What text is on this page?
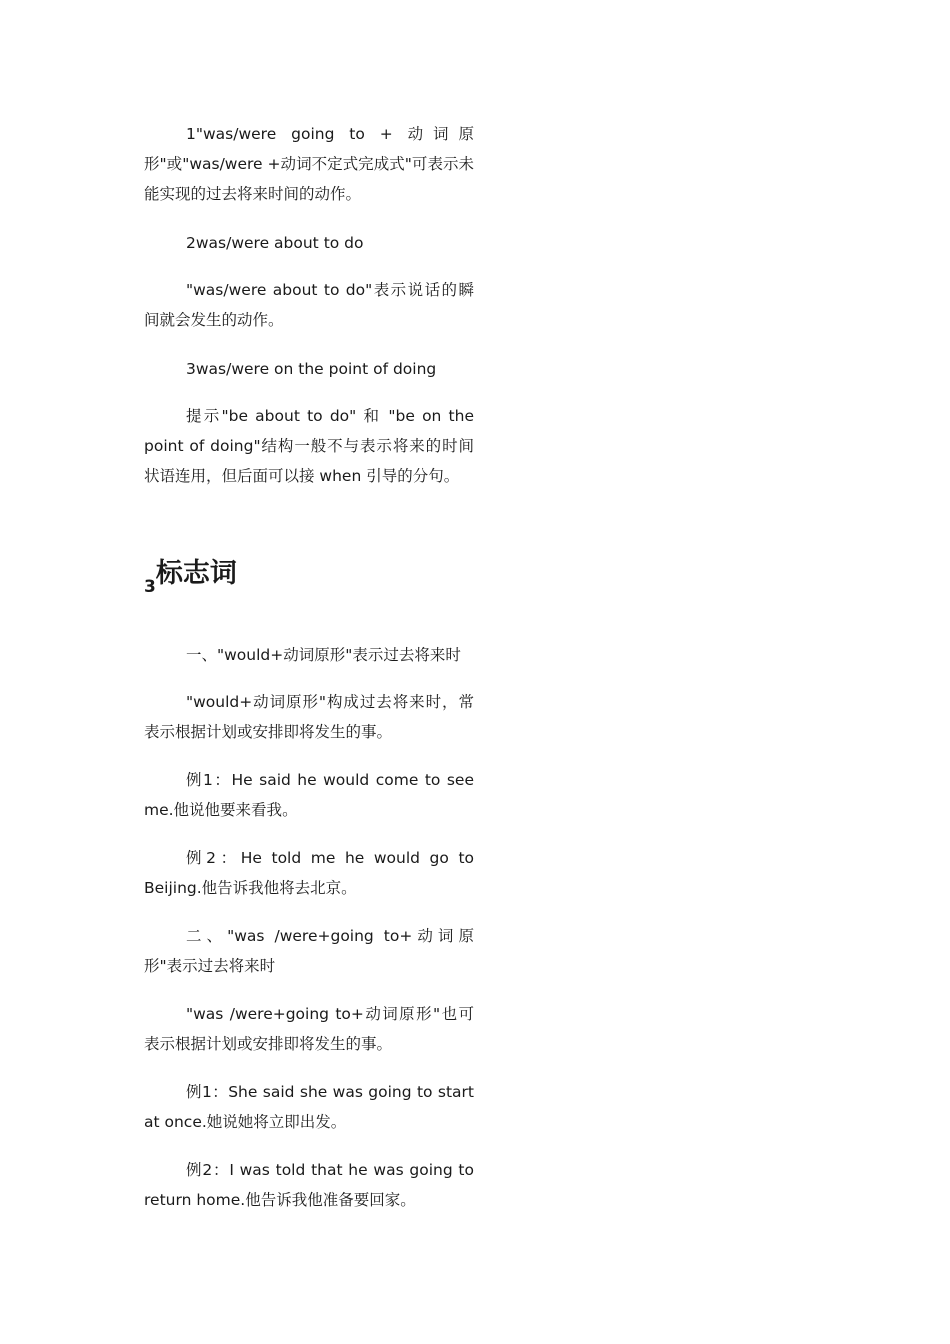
1"was/were going to + 动词原形"或"was/were +动词不定式完成式"可表示未能实现的过去将来时间的动作。

2was/were about to do

"was/were about to do"表示说话的瞬间就会发生的动作。

3was/were on the point of doing

提示"be about to do" 和 "be on the point of doing"结构一般不与表示将来的时间状语连用，但后面可以接 when 引导的分句。

$_3$标志词

一、"would+动词原形"表示过去将来时

"would+动词原形"构成过去将来时，常表示根据计划或安排即将发生的事。

例1：He said he would come to see me.他说他要来看我。

例2：He told me he would go to Beijing.他告诉我他将去北京。

二、"was /were+going to+动词原形"表示过去将来时

"was /were+going to+动词原形"也可表示根据计划或安排即将发生的事。

例1：She said she was going to start at once.她说她将立即出发。

例2：I was told that he was going to return home.他告诉我他准备要回家。
